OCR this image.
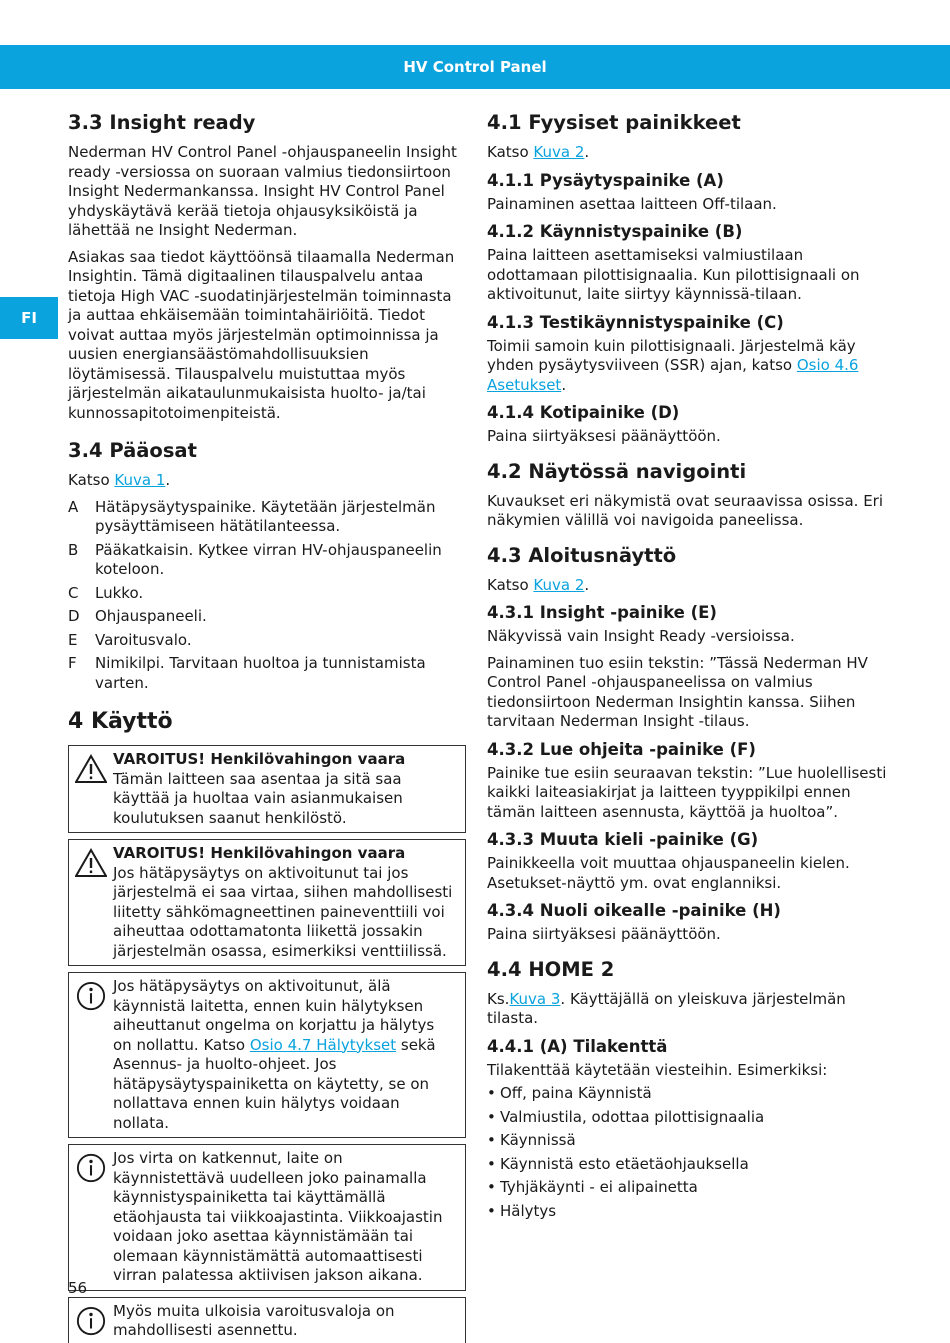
HV Control Panel
FI
3.3 Insight ready

Nederman HV Control Panel -ohjauspaneelin Insight ready -versiossa on suoraan valmius tiedonsiirtoon Insight Nedermankanssa. Insight HV Control Panel yhdyskäytävä kerää tietoja ohjausyksiköistä ja lähettää ne Insight Nederman.

Asiakas saa tiedot käyttöönsä tilaamalla Nederman Insightin. Tämä digitaalinen tilauspalvelu antaa tietoja High VAC -suodatinjärjestelmän toiminnasta ja auttaa ehkäisemään toimintahäiriöitä. Tiedot voivat auttaa myös järjestelmän optimoinnissa ja uusien energiansäästömahdollisuuksien löytämisessä. Tilauspalvelu muistuttaa myös järjestelmän aikataulunmukaisista huolto- ja/tai kunnossapitotoimenpiteistä.

3.4 Pääosat

Katso Kuva 1.

A	Hätäpysäytyspainike. Käytetään järjestelmän pysäyttämiseen hätätilanteessa.
B	Pääkatkaisin. Kytkee virran HV-ohjauspaneelin koteloon.
C	Lukko.
D	Ohjauspaneeli.
E	Varoitusvalo.
F	Nimikilpi. Tarvitaan huoltoa ja tunnistamista varten.
4 Käyttö
VAROITUS! Henkilövahingon vaara
Tämän laitteen saa asentaa ja sitä saa käyttää ja huoltaa vain asianmukaisen koulutuksen saanut henkilöstö.
VAROITUS! Henkilövahingon vaara
Jos hätäpysäytys on aktivoitunut tai jos järjestelmä ei saa virtaa, siihen mahdollisesti liitetty sähkömagneettinen paineventtiili voi aiheuttaa odottamatonta liikettä jossakin järjestelmän osassa, esimerkiksi venttiilissä.
Jos hätäpysäytys on aktivoitunut, älä käynnistä laitetta, ennen kuin hälytyksen aiheuttanut ongelma on korjattu ja hälytys on nollattu. Katso Osio 4.7 Hälytykset sekä Asennus- ja huolto-ohjeet. Jos hätäpysäytyspainiketta on käytetty, se on nollattava ennen kuin hälytys voidaan nollata.
Jos virta on katkennut, laite on käynnistettävä uudelleen joko painamalla käynnistyspainiketta tai käyttämällä etäohjausta tai viikkoajastinta. Viikkoajastin voidaan joko asettaa käynnistämään tai olemaan käynnistämättä automaattisesti virran palatessa aktiivisen jakson aikana.
Myös muita ulkoisia varoitusvaloja on mahdollisesti asennettu.
4.1 Fyysiset painikkeet

Katso Kuva 2.

4.1.1 Pysäytyspainike (A)

Painaminen asettaa laitteen Off-tilaan.

4.1.2 Käynnistyspainike (B)

Paina laitteen asettamiseksi valmiustilaan odottamaan pilottisignaalia. Kun pilottisignaali on aktivoitunut, laite siirtyy käynnissä-tilaan.

4.1.3 Testikäynnistyspainike (C)

Toimii samoin kuin pilottisignaali. Järjestelmä käy yhden pysäytysviiveen (SSR) ajan, katso Osio 4.6 Asetukset.

4.1.4 Kotipainike (D)

Paina siirtyäksesi päänäyttöön.

4.2 Näytössä navigointi

Kuvaukset eri näkymistä ovat seuraavissa osissa. Eri näkymien välillä voi navigoida paneelissa.

4.3 Aloitusnäyttö

Katso Kuva 2.

4.3.1 Insight -painike (E)

Näkyvissä vain Insight Ready -versioissa.

Painaminen tuo esiin tekstin: ”Tässä Nederman HV Control Panel -ohjauspaneelissa on valmius tiedonsiirtoon Nederman Insightin kanssa. Siihen tarvitaan Nederman Insight -tilaus.

4.3.2 Lue ohjeita -painike (F)

Painike tue esiin seuraavan tekstin: ”Lue huolellisesti kaikki laiteasiakirjat ja laitteen tyyppikilpi ennen tämän laitteen asennusta, käyttöä ja huoltoa”.

4.3.3 Muuta kieli -painike (G)

Painikkeella voit muuttaa ohjauspaneelin kielen. Asetukset-näyttö ym. ovat englanniksi.

4.3.4 Nuoli oikealle -painike (H)

Paina siirtyäksesi päänäyttöön.

4.4 HOME 2

Ks.Kuva 3. Käyttäjällä on yleiskuva järjestelmän tilasta.

4.4.1 (A) Tilakenttä

Tilakenttää käytetään viesteihin. Esimerkiksi:

• Off, paina Käynnistä
• Valmiustila, odottaa pilottisignaalia
• Käynnissä
• Käynnistä esto etäetäohjauksella
• Tyhjäkäynti - ei alipainetta
• Hälytys
56
